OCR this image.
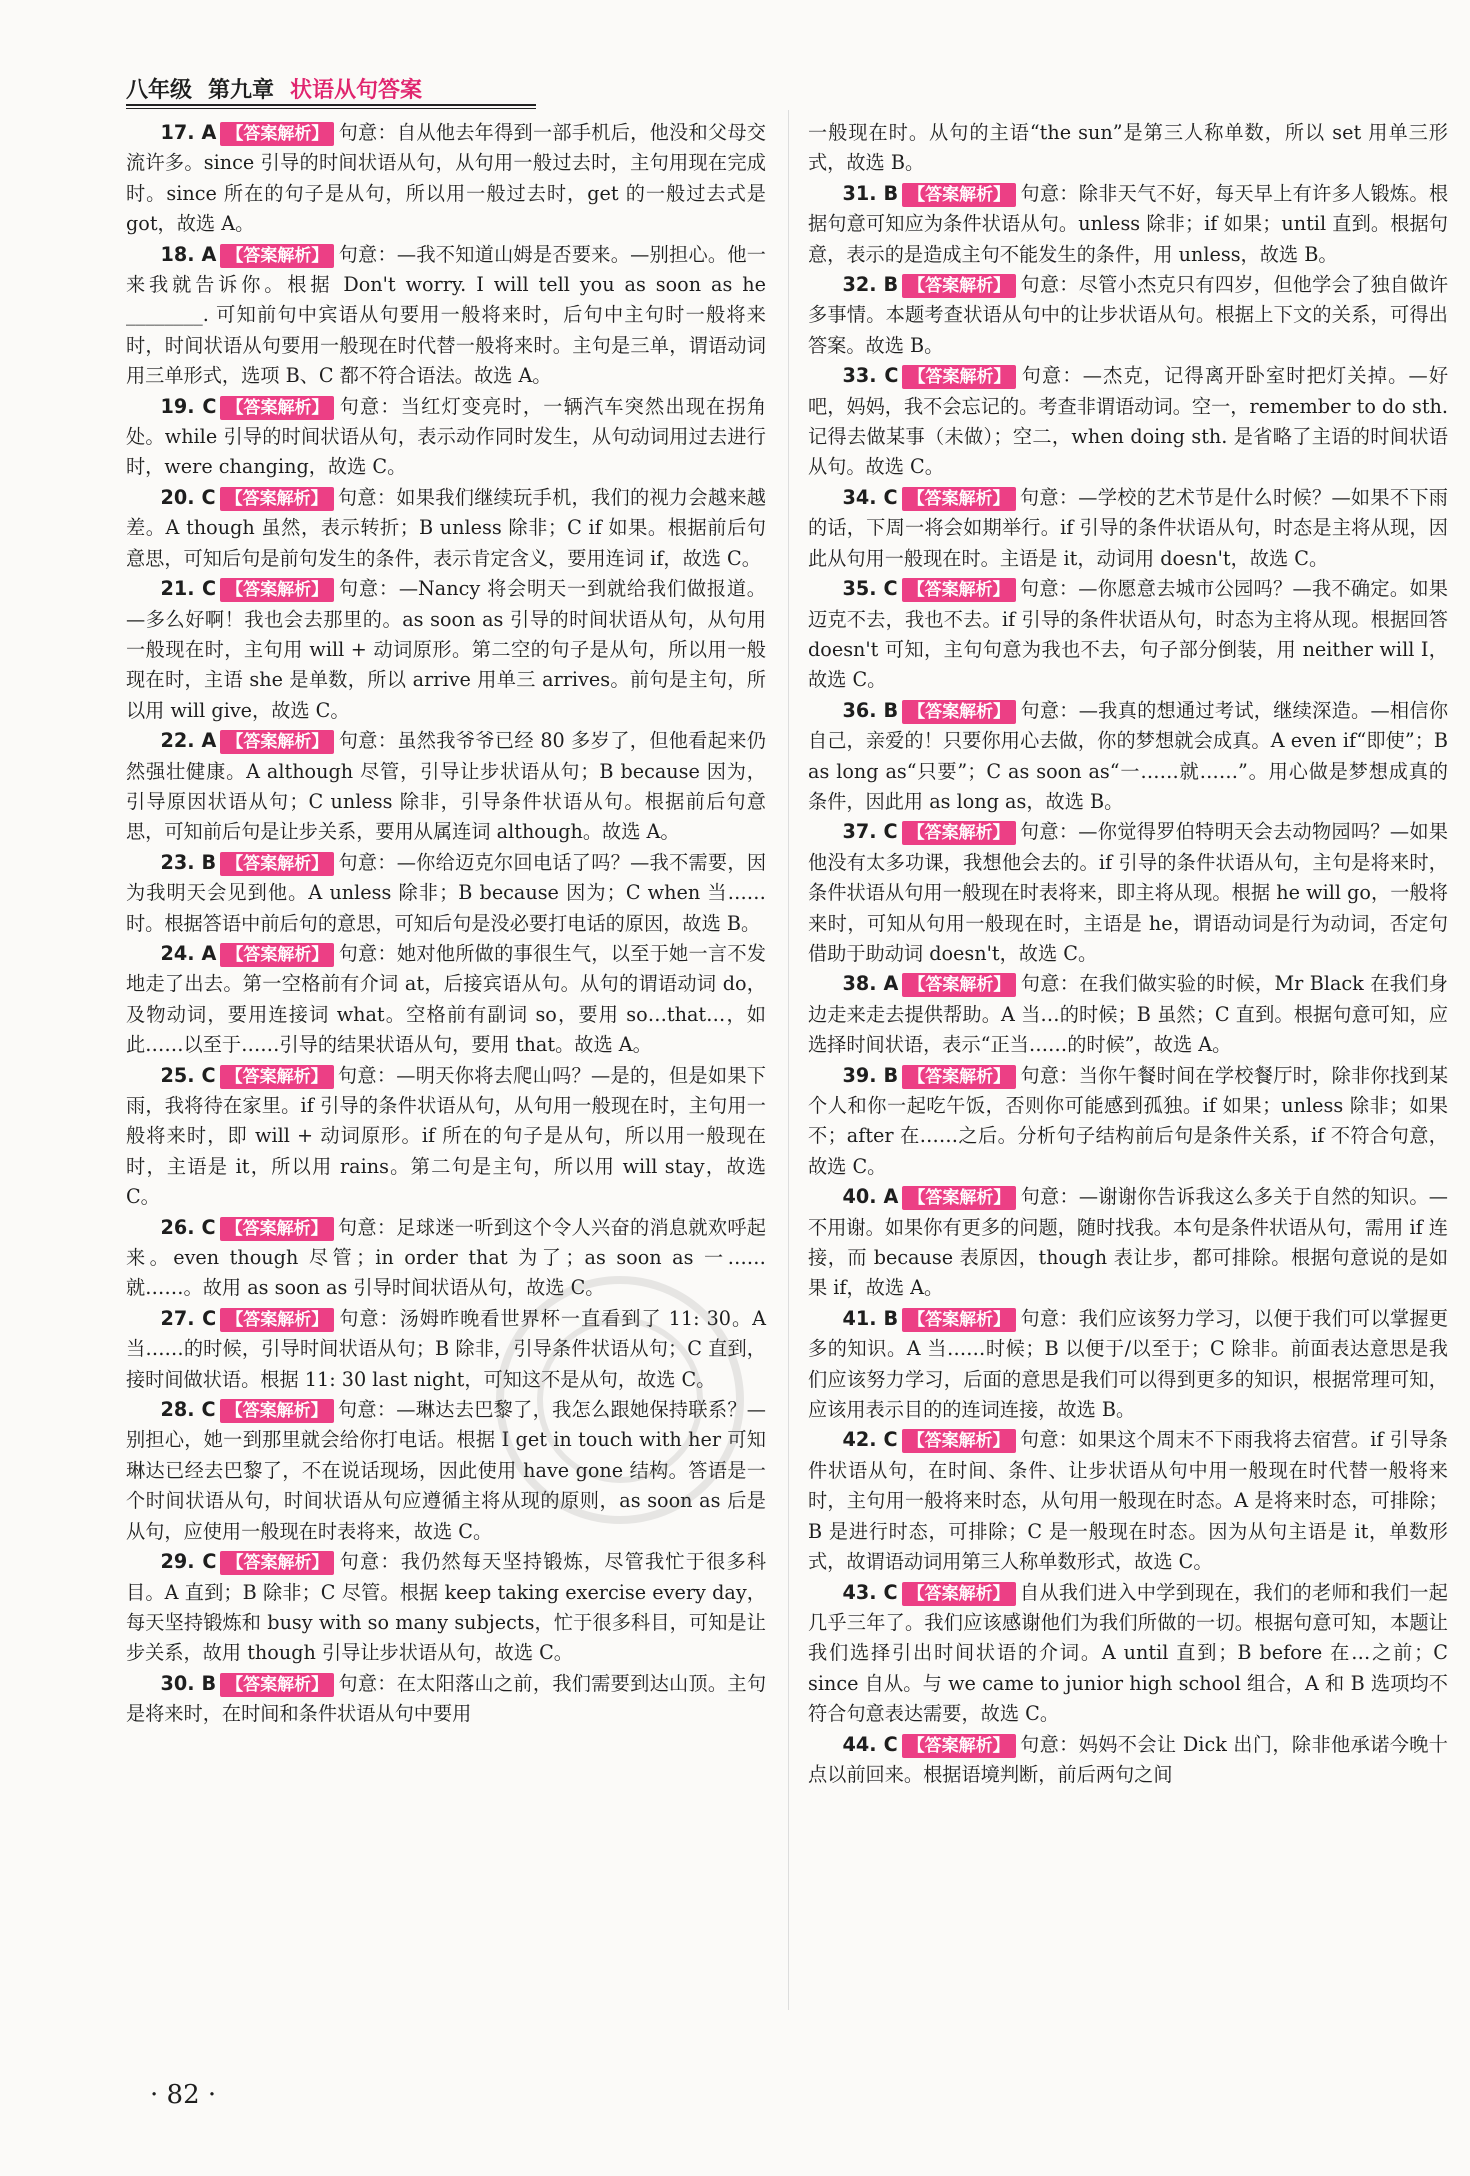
八年级 第九章 状语从句答案

17. A 【答案解析】 句意：自从他去年得到一部手机后，他没和父母交流许多。since 引导的时间状语从句，从句用一般过去时，主句用现在完成时。since 所在的句子是从句，所以用一般过去时，get 的一般过去式是 got，故选 A。

18. A 【答案解析】 句意：—我不知道山姆是否要来。—别担心。他一来我就告诉你。根据 Don't worry. I will tell you as soon as he ________. 可知前句中宾语从句要用一般将来时，后句中主句时一般将来时，时间状语从句要用一般现在时代替一般将来时。主句是三单，谓语动词用三单形式，选项 B、C 都不符合语法。故选 A。

19. C 【答案解析】 句意：当红灯变亮时，一辆汽车突然出现在拐角处。while 引导的时间状语从句，表示动作同时发生，从句动词用过去进行时，were changing，故选 C。

20. C 【答案解析】 句意：如果我们继续玩手机，我们的视力会越来越差。A though 虽然，表示转折；B unless 除非；C if 如果。根据前后句意思，可知后句是前句发生的条件，表示肯定含义，要用连词 if，故选 C。

21. C 【答案解析】 句意：—Nancy 将会明天一到就给我们做报道。—多么好啊！我也会去那里的。as soon as 引导的时间状语从句，从句用一般现在时，主句用 will + 动词原形。第二空的句子是从句，所以用一般现在时，主语 she 是单数，所以 arrive 用单三 arrives。前句是主句，所以用 will give，故选 C。

22. A 【答案解析】 句意：虽然我爷爷已经 80 多岁了，但他看起来仍然强壮健康。A although 尽管，引导让步状语从句；B because 因为，引导原因状语从句；C unless 除非，引导条件状语从句。根据前后句意思，可知前后句是让步关系，要用从属连词 although。故选 A。

23. B 【答案解析】 句意：—你给迈克尔回电话了吗？—我不需要，因为我明天会见到他。A unless 除非；B because 因为；C when 当……时。根据答语中前后句的意思，可知后句是没必要打电话的原因，故选 B。

24. A 【答案解析】 句意：她对他所做的事很生气，以至于她一言不发地走了出去。第一空格前有介词 at，后接宾语从句。从句的谓语动词 do，及物动词，要用连接词 what。空格前有副词 so，要用 so…that…，如此……以至于……引导的结果状语从句，要用 that。故选 A。

25. C 【答案解析】 句意：—明天你将去爬山吗？—是的，但是如果下雨，我将待在家里。if 引导的条件状语从句，从句用一般现在时，主句用一般将来时，即 will + 动词原形。if 所在的句子是从句，所以用一般现在时，主语是 it，所以用 rains。第二句是主句，所以用 will stay，故选 C。

26. C 【答案解析】 句意：足球迷一听到这个令人兴奋的消息就欢呼起来。even though 尽管；in order that 为了；as soon as 一……就……。故用 as soon as 引导时间状语从句，故选 C。

27. C 【答案解析】 句意：汤姆昨晚看世界杯一直看到了 11: 30。A 当……的时候，引导时间状语从句；B 除非，引导条件状语从句；C 直到，接时间做状语。根据 11: 30 last night，可知这不是从句，故选 C。

28. C 【答案解析】 句意：—琳达去巴黎了，我怎么跟她保持联系？—别担心，她一到那里就会给你打电话。根据 I get in touch with her 可知琳达已经去巴黎了，不在说话现场，因此使用 have gone 结构。答语是一个时间状语从句，时间状语从句应遵循主将从现的原则，as soon as 后是从句，应使用一般现在时表将来，故选 C。

29. C 【答案解析】 句意：我仍然每天坚持锻炼，尽管我忙于很多科目。A 直到；B 除非；C 尽管。根据 keep taking exercise every day，每天坚持锻炼和 busy with so many subjects，忙于很多科目，可知是让步关系，故用 though 引导让步状语从句，故选 C。

30. B 【答案解析】 句意：在太阳落山之前，我们需要到达山顶。主句是将来时，在时间和条件状语从句中要用

一般现在时。从句的主语“the sun”是第三人称单数，所以 set 用单三形式，故选 B。

31. B 【答案解析】 句意：除非天气不好，每天早上有许多人锻炼。根据句意可知应为条件状语从句。unless 除非；if 如果；until 直到。根据句意，表示的是造成主句不能发生的条件，用 unless，故选 B。

32. B 【答案解析】 句意：尽管小杰克只有四岁，但他学会了独自做许多事情。本题考查状语从句中的让步状语从句。根据上下文的关系，可得出答案。故选 B。

33. C 【答案解析】 句意：—杰克，记得离开卧室时把灯关掉。—好吧，妈妈，我不会忘记的。考查非谓语动词。空一，remember to do sth. 记得去做某事（未做）；空二，when doing sth. 是省略了主语的时间状语从句。故选 C。

34. C 【答案解析】 句意：—学校的艺术节是什么时候？—如果不下雨的话，下周一将会如期举行。if 引导的条件状语从句，时态是主将从现，因此从句用一般现在时。主语是 it，动词用 doesn't，故选 C。

35. C 【答案解析】 句意：—你愿意去城市公园吗？—我不确定。如果迈克不去，我也不去。if 引导的条件状语从句，时态为主将从现。根据回答 doesn't 可知，主句句意为我也不去，句子部分倒装，用 neither will I，故选 C。

36. B 【答案解析】 句意：—我真的想通过考试，继续深造。—相信你自己，亲爱的！只要你用心去做，你的梦想就会成真。A even if“即使”；B as long as“只要”；C as soon as“一……就……”。用心做是梦想成真的条件，因此用 as long as，故选 B。

37. C 【答案解析】 句意：—你觉得罗伯特明天会去动物园吗？—如果他没有太多功课，我想他会去的。if 引导的条件状语从句，主句是将来时，条件状语从句用一般现在时表将来，即主将从现。根据 he will go，一般将来时，可知从句用一般现在时，主语是 he，谓语动词是行为动词，否定句借助于助动词 doesn't，故选 C。

38. A 【答案解析】 句意：在我们做实验的时候，Mr Black 在我们身边走来走去提供帮助。A 当…的时候；B 虽然；C 直到。根据句意可知，应选择时间状语，表示“正当……的时候”，故选 A。

39. B 【答案解析】 句意：当你午餐时间在学校餐厅时，除非你找到某个人和你一起吃午饭，否则你可能感到孤独。if 如果；unless 除非；如果不；after 在……之后。分析句子结构前后句是条件关系，if 不符合句意，故选 C。

40. A 【答案解析】 句意：—谢谢你告诉我这么多关于自然的知识。—不用谢。如果你有更多的问题，随时找我。本句是条件状语从句，需用 if 连接，而 because 表原因，though 表让步，都可排除。根据句意说的是如果 if，故选 A。

41. B 【答案解析】 句意：我们应该努力学习，以便于我们可以掌握更多的知识。A 当……时候；B 以便于/以至于；C 除非。前面表达意思是我们应该努力学习，后面的意思是我们可以得到更多的知识，根据常理可知，应该用表示目的的连词连接，故选 B。

42. C 【答案解析】 句意：如果这个周末不下雨我将去宿营。if 引导条件状语从句，在时间、条件、让步状语从句中用一般现在时代替一般将来时，主句用一般将来时态，从句用一般现在时态。A 是将来时态，可排除；B 是进行时态，可排除；C 是一般现在时态。因为从句主语是 it，单数形式，故谓语动词用第三人称单数形式，故选 C。

43. C 【答案解析】 自从我们进入中学到现在，我们的老师和我们一起几乎三年了。我们应该感谢他们为我们所做的一切。根据句意可知，本题让我们选择引出时间状语的介词。A until 直到；B before 在…之前；C since 自从。与 we came to junior high school 组合，A 和 B 选项均不符合句意表达需要，故选 C。

44. C 【答案解析】 句意：妈妈不会让 Dick 出门，除非他承诺今晚十点以前回来。根据语境判断，前后两句之间

· 82 ·
